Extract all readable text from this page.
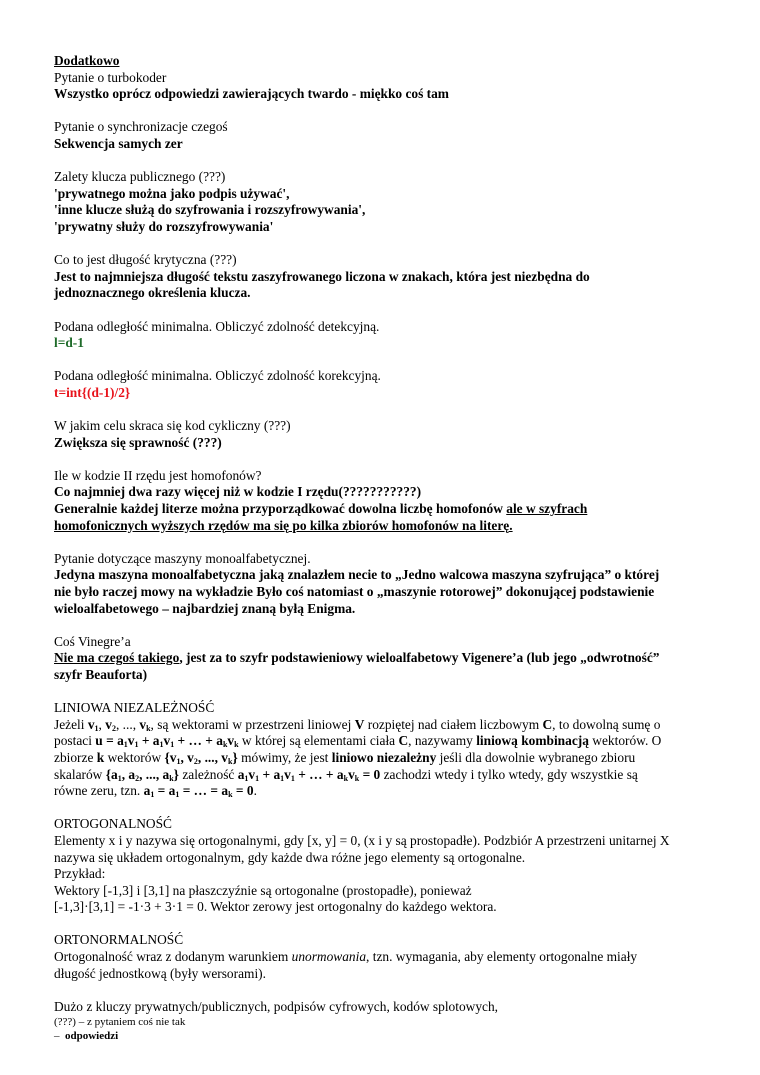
Dodatkowo
Pytanie o turbokoder
Wszystko oprócz odpowiedzi zawierających twardo - miękko coś tam
Pytanie o synchronizacje czegoś
Sekwencja samych zer
Zalety klucza publicznego (???)
'prywatnego można jako podpis używać',
'inne klucze służą do szyfrowania i rozszyfrowywania',
'prywatny służy do rozszyfrowywania'
Co to jest długość krytyczna (???)
Jest to najmniejsza długość tekstu zaszyfrowanego liczona w znakach, która jest niezbędna do
jednoznacznego określenia klucza.
Podana odległość minimalna. Obliczyć zdolność detekcyjną.
l=d-1
Podana odległość minimalna. Obliczyć zdolność korekcyjną.
t=int{(d-1)/2}
W jakim celu skraca się kod cykliczny (???)
Zwiększa się sprawność (???)
Ile w kodzie II rzędu jest homofonów?
Co najmniej dwa razy więcej niż w kodzie I rzędu(???????????)
Generalnie każdej literze można przyporządkować dowolna liczbę homofonów ale w szyfrach
homofonicznych wyższych rzędów ma się po kilka zbiorów homofonów na literę.
Pytanie dotyczące maszyny monoalfabetycznej.
Jedyna maszyna monoalfabetyczna jaką znalazłem necie to „Jedno walcowa maszyna szyfrująca” o której
nie było raczej mowy na wykładzie Było coś natomiast o „maszynie rotorowej” dokonującej podstawienie
wieloalfabetowego – najbardziej znaną byłą Enigma.
Coś Vinegre’a
Nie ma czegoś takiego, jest za to szyfr podstawieniowy wieloalfabetowy Vigenere’a (lub jego „odwrotność”
szyfr Beauforta)
LINIOWA NIEZALEŻNOŚĆ
Jeżeli $v_1$, $v_2$, ..., $v_k$, są wektorami w przestrzeni liniowej V rozpiętej nad ciałem liczbowym C, to dowolną sumę o
postaci $u = a_1v_1 + a_1v_1$ + … + $a_kv_k$ w której są elementami ciała C, nazywamy liniową kombinacją wektorów. O
zbiorze k wektorów {$v_1$, $v_2$, ..., $v_k$} mówimy, że jest liniowo niezależny jeśli dla dowolnie wybranego zbioru
skalarów {$a_1$, $a_2$, ..., $a_k$} zależność $a_1v_1 + a_1v_1$ + … + $a_kv_k = 0$ zachodzi wtedy i tylko wtedy, gdy wszystkie są
równe zeru, tzn. $a_1 = a_1$ = … = $a_k = 0$.
ORTOGONALNOŚĆ
Elementy x i y nazywa się ortogonalnymi, gdy [x, y] = 0, (x i y są prostopadłe). Podzbiór A przestrzeni unitarnej X
nazywa się układem ortogonalnym, gdy każde dwa różne jego elementy są ortogonalne.
Przykład:
Wektory [-1,3] i [3,1] na płaszczyźnie są ortogonalne (prostopadłe), ponieważ
[-1,3]·[3,1] = -1·3 + 3·1 = 0. Wektor zerowy jest ortogonalny do każdego wektora.
ORTONORMALNOŚĆ
Ortogonalność wraz z dodanym warunkiem unormowania, tzn. wymagania, aby elementy ortogonalne miały
długość jednostkową (były wersorami).
Dużo z kluczy prywatnych/publicznych, podpisów cyfrowych, kodów splotowych,
(???) – z pytaniem coś nie tak
– odpowiedzi
